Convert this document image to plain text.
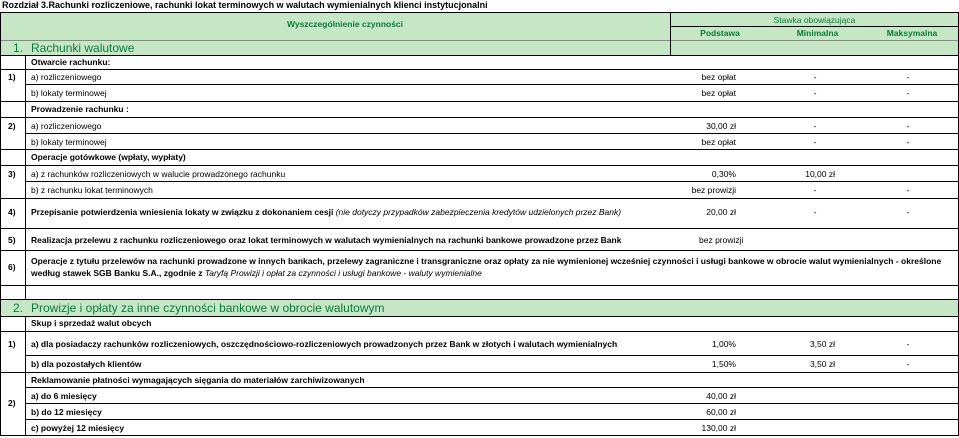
Rozdział 3.Rachunki rozliczeniowe, rachunki lokat terminowych w walutach wymienialnych klienci instytucjonalni
Wyszczególnienie czynności	Stawka obowiązująca
Podstawa	Minimalna	Maksymalna
1. Rachunki walutowe
1)
Otwarcie rachunku:
a) rozliczeniowego	bez opłat	-	-
b) lokaty terminowej	bez opłat	-	-
2)
Prowadzenie rachunku :
a) rozliczeniowego	30,00 zł	-	-
b) lokaty terminowej	bez opłat	-	-
3)
Operacje gotówkowe (wpłaty, wypłaty)
a) z rachunków rozliczeniowych w walucie prowadzonego rachunku	0,30%	10,00 zł
b) z rachunku lokat terminowych	bez prowizji	-	-
4) Przepisanie potwierdzenia wniesienia lokaty w związku z dokonaniem cesji (nie dotyczy przypadków zabezpieczenia kredytów udzielonych przez Bank)	20,00 zł	-	-
5) Realizacja przelewu z rachunku rozliczeniowego oraz lokat terminowych w walutach wymienialnych na rachunki bankowe prowadzone przez Bank	bez prowizji
6)
Operacje z tytułu przelewów na rachunki prowadzone w innych bankach, przelewy zagraniczne i transgraniczne oraz opłaty za nie wymienionej wcześniej czynności i usługi bankowe w obrocie walut wymienialnych - określone
według stawek SGB Banku S.A., zgodnie z Taryfą Prowizji i opłat za czynności i usługi bankowe - waluty wymienialne
2. Prowizje i opłaty za inne czynności bankowe w obrocie walutowym
1)
Skup i sprzedaż walut obcych
a) dla posiadaczy rachunków rozliczeniowych, oszczędnościowo-rozliczeniowych prowadzonych przez Bank w złotych i walutach wymienialnych	1,00%	3,50 zł	-
b) dla pozostałych klientów	1,50%	3,50 zł	-
2)
Reklamowanie płatności wymagających sięgania do materiałów zarchiwizowanych
a) do 6 miesięcy	40,00 zł
b) do 12 miesięcy	60,00 zł
c) powyżej 12 miesięcy	130,00 zł
